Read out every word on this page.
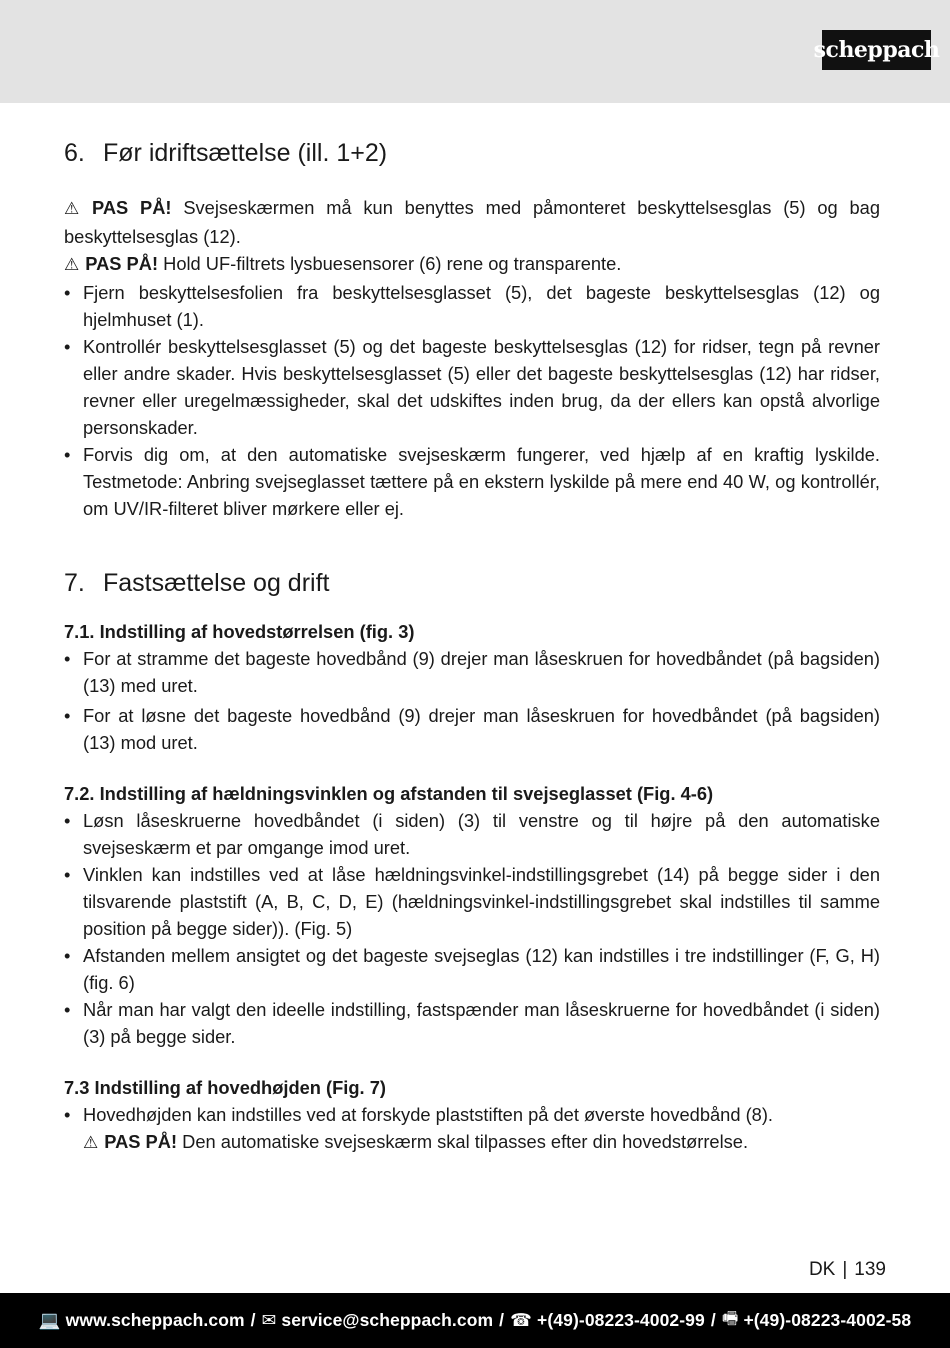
scheppach
6. Før idriftsættelse (ill. 1+2)

⚠ PAS PÅ! Svejseskærmen må kun benyttes med påmonteret beskyttelsesglas (5) og bag beskyttelsesglas (12).

⚠ PAS PÅ! Hold UF-filtrets lysbuesensorer (6) rene og transparente.

• Fjern beskyttelsesfolien fra beskyttelsesglasset (5), det bageste beskyttelsesglas (12) og hjelmhuset (1).
• Kontrollér beskyttelsesglasset (5) og det bageste beskyttelsesglas (12) for ridser, tegn på revner eller andre skader. Hvis beskyttelsesglasset (5) eller det bageste beskyttelsesglas (12) har ridser, revner eller uregelmæssigheder, skal det udskiftes inden brug, da der ellers kan opstå alvorlige personskader.
• Forvis dig om, at den automatiske svejseskærm fungerer, ved hjælp af en kraftig lyskilde. Testmetode: Anbring svejseglasset tættere på en ekstern lyskilde på mere end 40 W, og kontrollér, om UV/IR-filteret bliver mørkere eller ej.
7. Fastsættelse og drift
7.1. Indstilling af hovedstørrelsen (fig. 3)
• For at stramme det bageste hovedbånd (9) drejer man låseskruen for hovedbåndet (på bagsiden) (13) med uret.
• For at løsne det bageste hovedbånd (9) drejer man låseskruen for hovedbåndet (på bagsiden) (13) mod uret.
7.2. Indstilling af hældningsvinklen og afstanden til svejseglasset (Fig. 4-6)
• Løsn låseskruerne hovedbåndet (i siden) (3) til venstre og til højre på den automatiske svejseskærm et par omgange imod uret.
• Vinklen kan indstilles ved at låse hældningsvinkel-indstillingsgrebet (14) på begge sider i den tilsvarende plaststift (A, B, C, D, E) (hældningsvinkel-indstillingsgrebet skal indstilles til samme position på begge sider)). (Fig. 5)
• Afstanden mellem ansigtet og det bageste svejseglas (12) kan indstilles i tre indstillinger (F, G, H) (fig. 6)
• Når man har valgt den ideelle indstilling, fastspænder man låseskruerne for hovedbåndet (i siden) (3) på begge sider.
7.3 Indstilling af hovedhøjden (Fig. 7)
• Hovedhøjden kan indstilles ved at forskyde plaststiften på det øverste hovedbånd (8).
⚠ PAS PÅ! Den automatiske svejseskærm skal tilpasses efter din hovedstørrelse.
DK | 139
💻 www.scheppach.com / ✉ service@scheppach.com / ☎ +(49)-08223-4002-99 / 🖷 +(49)-08223-4002-58
